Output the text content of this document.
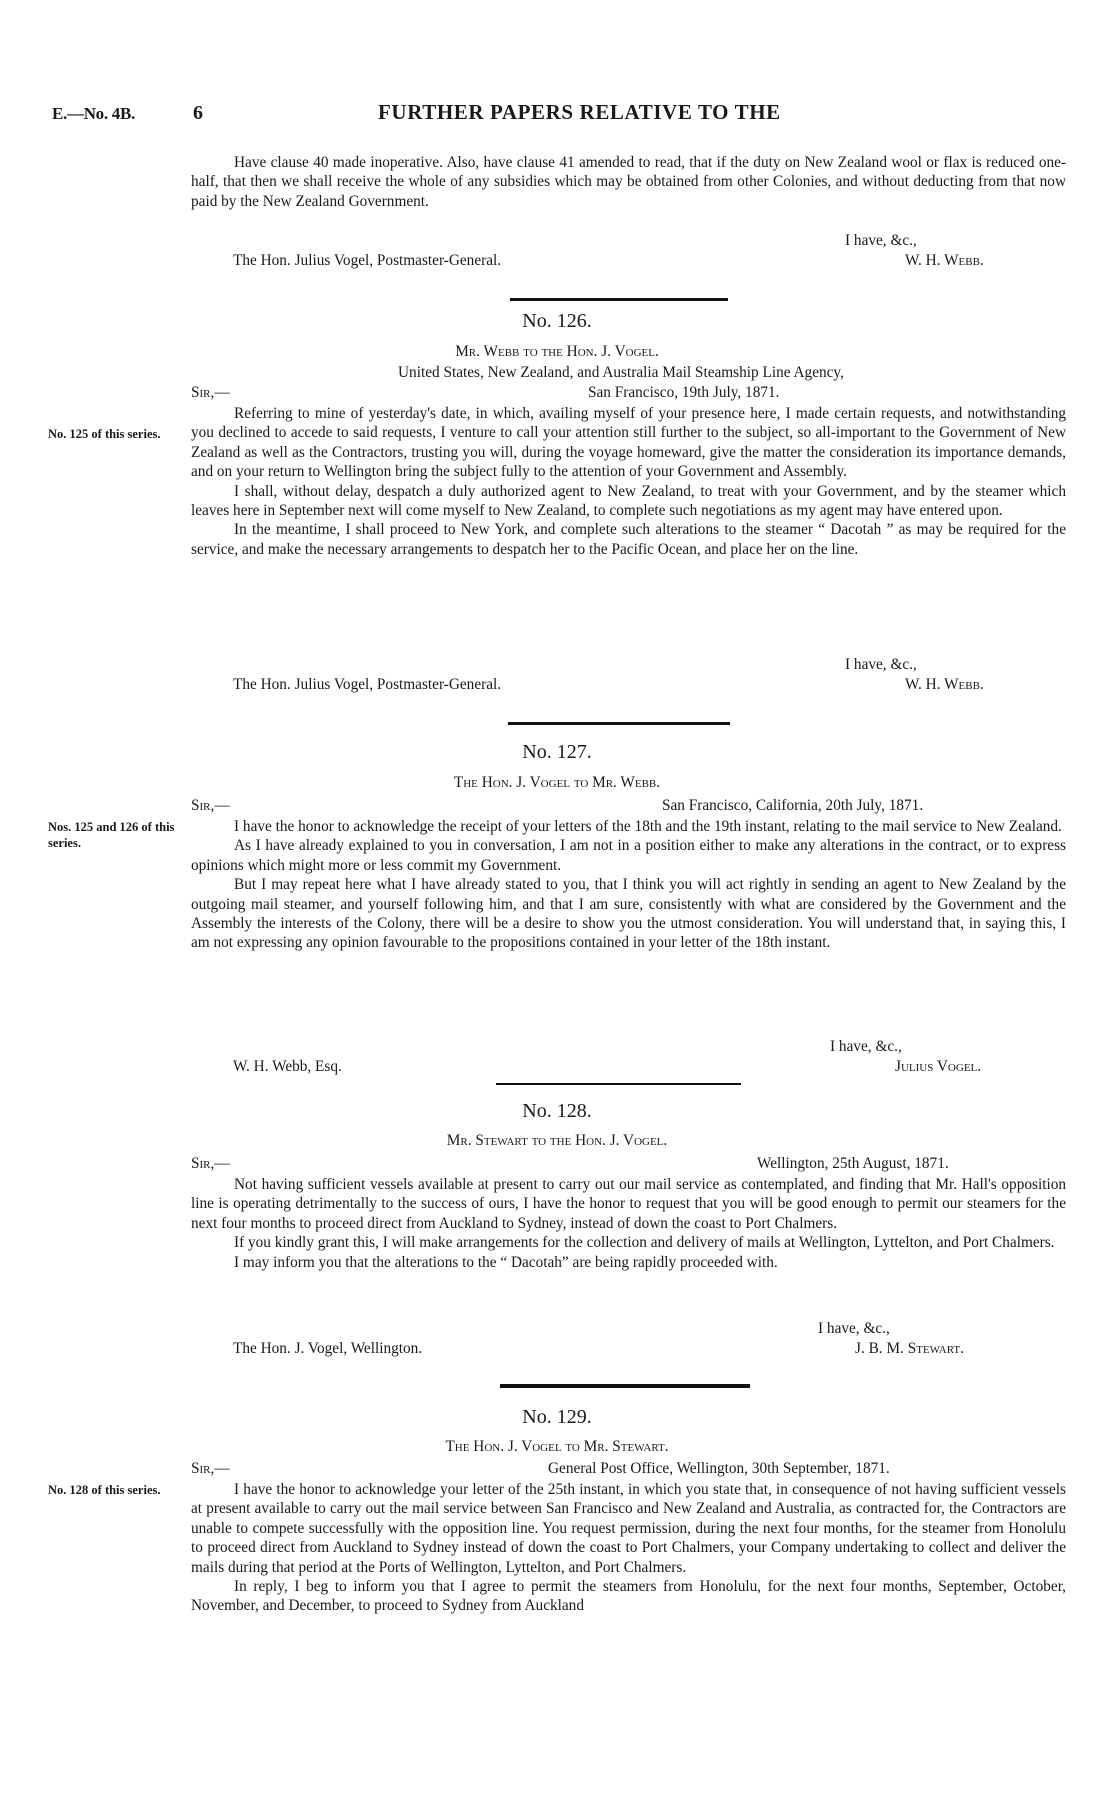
E.—No. 4B.	6	FURTHER PAPERS RELATIVE TO THE

Have clause 40 made inoperative. Also, have clause 41 amended to read, that if the duty on New Zealand wool or flax is reduced one-half, that then we shall receive the whole of any subsidies which may be obtained from other Colonies, and without deducting from that now paid by the New Zealand Government.

I have, &c.,
The Hon. Julius Vogel, Postmaster-General.	W. H. Webb.
No. 126.
Mr. Webb to the Hon. J. Vogel.
United States, New Zealand, and Australia Mail Steamship Line Agency,
Sir,—	San Francisco, 19th July, 1871.
No. 125 of this series.

Referring to mine of yesterday's date, in which, availing myself of your presence here, I made certain requests, and notwithstanding you declined to accede to said requests, I venture to call your attention still further to the subject, so all-important to the Government of New Zealand as well as the Contractors, trusting you will, during the voyage homeward, give the matter the consideration its importance demands, and on your return to Wellington bring the subject fully to the attention of your Government and Assembly.

I shall, without delay, despatch a duly authorized agent to New Zealand, to treat with your Government, and by the steamer which leaves here in September next will come myself to New Zealand, to complete such negotiations as my agent may have entered upon.

In the meantime, I shall proceed to New York, and complete such alterations to the steamer “ Dacotah ” as may be required for the service, and make the necessary arrangements to despatch her to the Pacific Ocean, and place her on the line.

I have, &c.,
The Hon. Julius Vogel, Postmaster-General.	W. H. Webb.
No. 127.
The Hon. J. Vogel to Mr. Webb.
Sir,—	San Francisco, California, 20th July, 1871.
Nos. 125 and 126 of this series.

I have the honor to acknowledge the receipt of your letters of the 18th and the 19th instant, relating to the mail service to New Zealand.

As I have already explained to you in conversation, I am not in a position either to make any alterations in the contract, or to express opinions which might more or less commit my Government.

But I may repeat here what I have already stated to you, that I think you will act rightly in sending an agent to New Zealand by the outgoing mail steamer, and yourself following him, and that I am sure, consistently with what are considered by the Government and the Assembly the interests of the Colony, there will be a desire to show you the utmost consideration. You will understand that, in saying this, I am not expressing any opinion favourable to the propositions contained in your letter of the 18th instant.

I have, &c.,
W. H. Webb, Esq.	Julius Vogel.
No. 128.
Mr. Stewart to the Hon. J. Vogel.
Sir,—	Wellington, 25th August, 1871.

Not having sufficient vessels available at present to carry out our mail service as contemplated, and finding that Mr. Hall's opposition line is operating detrimentally to the success of ours, I have the honor to request that you will be good enough to permit our steamers for the next four months to proceed direct from Auckland to Sydney, instead of down the coast to Port Chalmers.

If you kindly grant this, I will make arrangements for the collection and delivery of mails at Wellington, Lyttelton, and Port Chalmers.

I may inform you that the alterations to the “ Dacotah” are being rapidly proceeded with.

I have, &c.,
The Hon. J. Vogel, Wellington.	J. B. M. Stewart.
No. 129.
The Hon. J. Vogel to Mr. Stewart.
Sir,—	General Post Office, Wellington, 30th September, 1871.
No. 128 of this series.	I have the honor to acknowledge your letter of the 25th instant, in which you state that, in consequence of not having sufficient vessels at present available to carry out the mail service between San Francisco and New Zealand and Australia, as contracted for, the Contractors are unable to compete successfully with the opposition line. You request permission, during the next four months, for the steamer from Honolulu to proceed direct from Auckland to Sydney instead of down the coast to Port Chalmers, your Company undertaking to collect and deliver the mails during that period at the Ports of Wellington, Lyttelton, and Port Chalmers.

In reply, I beg to inform you that I agree to permit the steamers from Honolulu, for the next four months, September, October, November, and December, to proceed to Sydney from Auckland
